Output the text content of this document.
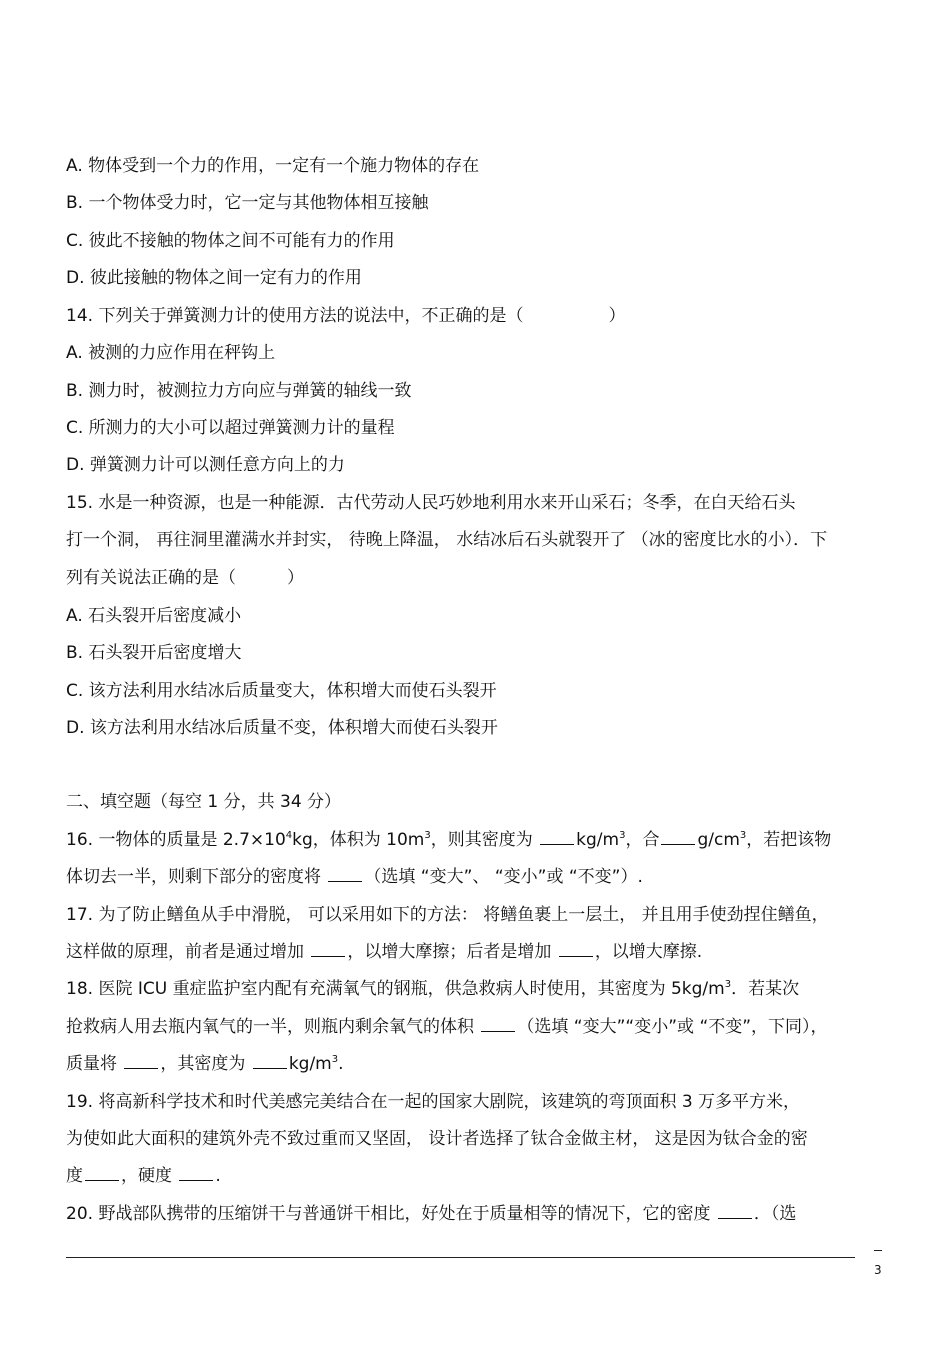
A. 物体受到一个力的作用，一定有一个施力物体的存在
B. 一个物体受力时，它一定与其他物体相互接触
C. 彼此不接触的物体之间不可能有力的作用
D. 彼此接触的物体之间一定有力的作用
14. 下列关于弹簧测力计的使用方法的说法中，不正确的是（　　　　　）
A. 被测的力应作用在秤钩上
B. 测力时，被测拉力方向应与弹簧的轴线一致
C. 所测力的大小可以超过弹簧测力计的量程
D. 弹簧测力计可以测任意方向上的力
15. 水是一种资源，也是一种能源．古代劳动人民巧妙地利用水来开山采石；冬季，在白天给石头
打一个洞， 再往洞里灌满水并封实， 待晚上降温， 水结冰后石头就裂开了 （冰的密度比水的小）．下
列有关说法正确的是（　　　）
A. 石头裂开后密度减小
B. 石头裂开后密度增大
C. 该方法利用水结冰后质量变大，体积增大而使石头裂开
D. 该方法利用水结冰后质量不变，体积增大而使石头裂开
二、填空题（每空 1 分，共 34 分）
16. 一物体的质量是 $2.7\times 10^4kg$，体积为 $10m^3$，则其密度为 $kg/m^3$，合 $g/cm^3$，若把该物
体切去一半，则剩下部分的密度将 （选填 “变大”、 “变小”或 “不变”）.
17. 为了防止鳝鱼从手中滑脱， 可以采用如下的方法： 将鳝鱼裹上一层土， 并且用手使劲捏住鳝鱼，
这样做的原理，前者是通过增加 ，以增大摩擦；后者是增加 ，以增大摩擦.
18. 医院 ICU 重症监护室内配有充满氧气的钢瓶，供急救病人时使用，其密度为 $5kg/m^3$．若某次
抢救病人用去瓶内氧气的一半，则瓶内剩余氧气的体积 （选填 “变大”“变小”或 “不变”，下同），
质量将 ，其密度为 $kg/m^3$.
19. 将高新科学技术和时代美感完美结合在一起的国家大剧院，该建筑的弯顶面积 3 万多平方米，
为使如此大面积的建筑外壳不致过重而又坚固， 设计者选择了钛合金做主材， 这是因为钛合金的密
度 ，硬度 .
20. 野战部队携带的压缩饼干与普通饼干相比，好处在于质量相等的情况下，它的密度 ．（选
3
